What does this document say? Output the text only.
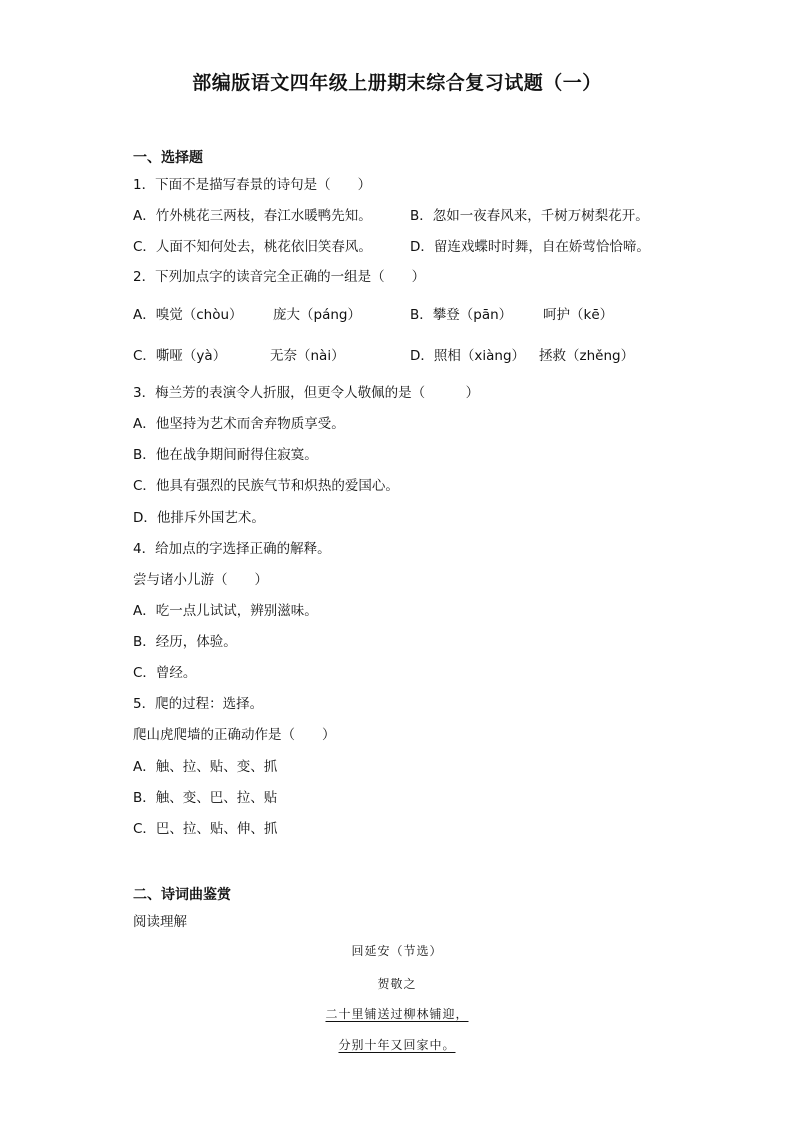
部编版语文四年级上册期末综合复习试题（一）
一、选择题
1．下面不是描写春景的诗句是（　　）
A．竹外桃花三两枝，春江水暖鸭先知。	B．忽如一夜春风来，千树万树梨花开。
C．人面不知何处去，桃花依旧笑春风。	D．留连戏蝶时时舞，自在娇莺恰恰啼。
2．下列加点字的读音完全正确的一组是（　　）
A．嗅觉（chòu） 庞大（páng）	B．攀登（pān） 呵护（kē）
C．嘶哑（yà）	无奈（nài）	D．照相（xiàng） 拯救（zhěng）
3．梅兰芳的表演令人折服，但更令人敬佩的是（　　　）
A．他坚持为艺术而舍弃物质享受。
B．他在战争期间耐得住寂寞。
C．他具有强烈的民族气节和炽热的爱国心。
D．他排斥外国艺术。
4．给加点的字选择正确的解释。
尝与诸小儿游（　　）
A．吃一点儿试试，辨别滋味。
B．经历，体验。
C．曾经。
5．爬的过程：选择。
爬山虎爬墙的正确动作是（　　）
A．触、拉、贴、变、抓
B．触、变、巴、拉、贴
C．巴、拉、贴、伸、抓
二、诗词曲鉴赏
阅读理解
回延安（节选）
贺敬之
二十里铺送过柳林铺迎，
分别十年又回家中。
